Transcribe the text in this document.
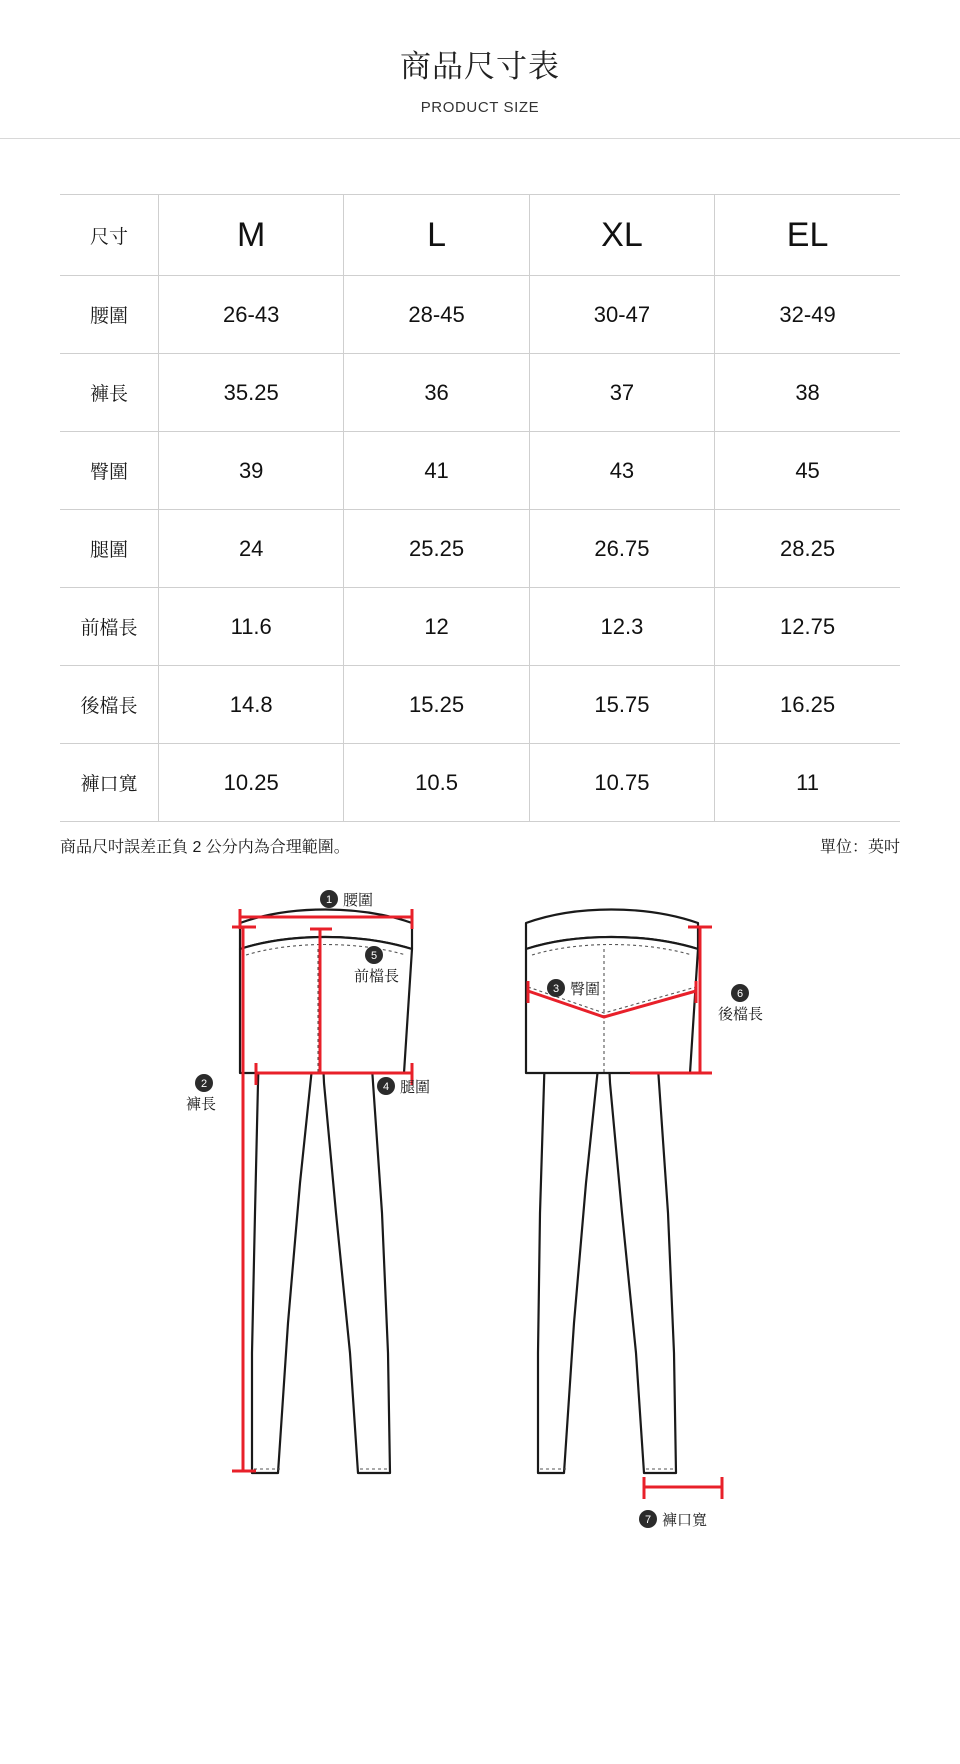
商品尺寸表
PRODUCT SIZE
尺寸	M	L	XL	EL
腰圍	26-43	28-45	30-47	32-49
褲長	35.25	36	37	38
臀圍	39	41	43	45
腿圍	24	25.25	26.75	28.25
前檔長	11.6	12	12.3	12.75
後檔長	14.8	15.25	15.75	16.25
褲口寬	10.25	10.5	10.75	11
商品尺吋誤差正負 2 公分内為合理範圍。	單位：英吋
1 腰圍
2
褲長
5
前檔長
4 腿圍
3 臀圍	6
後檔長
7 褲口寬
